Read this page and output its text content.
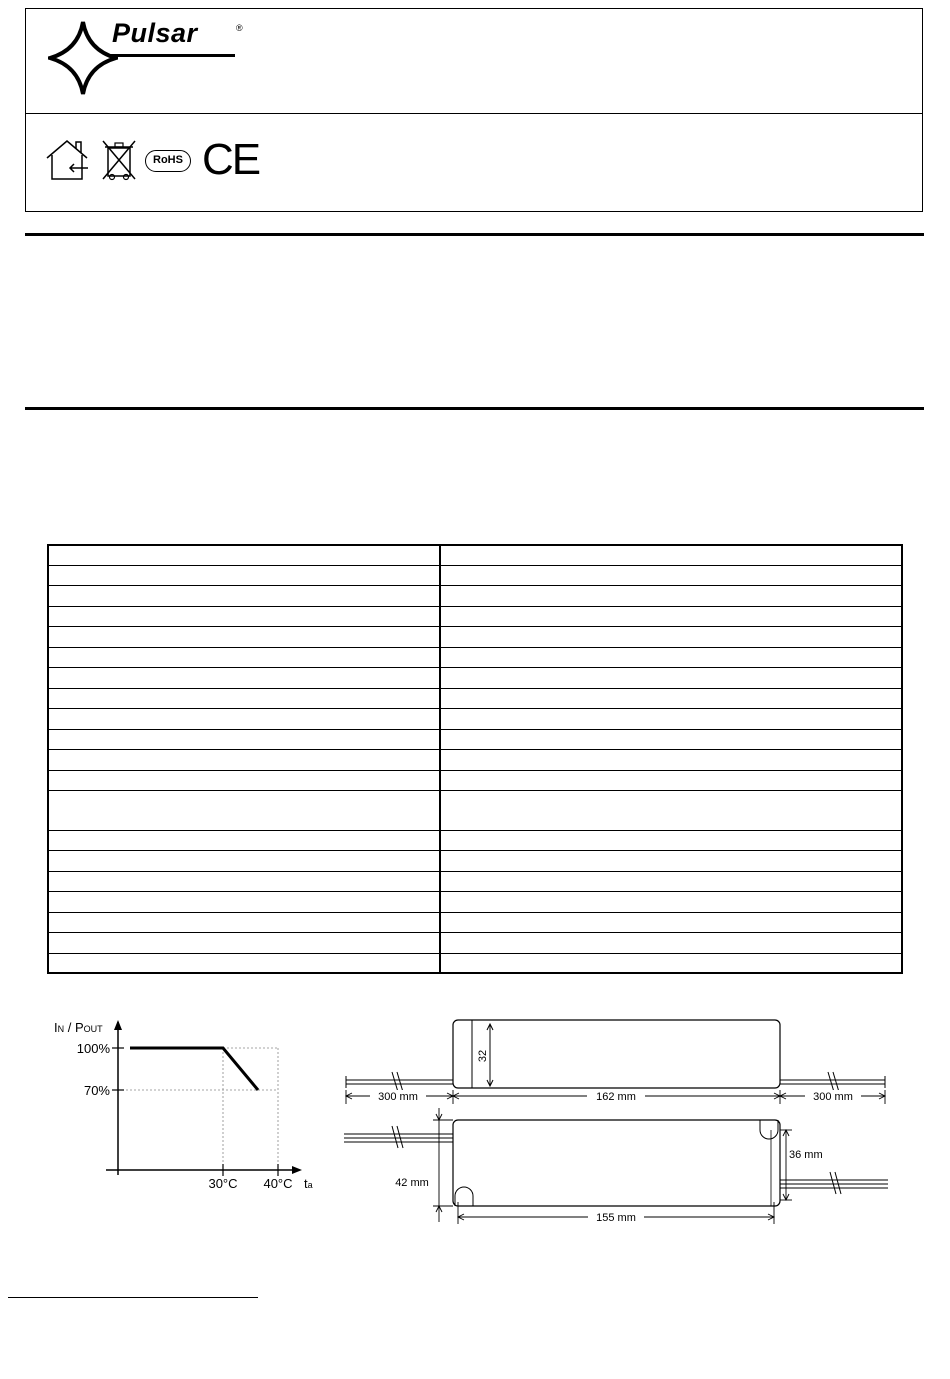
Pulsar	®
RoHS CE
IN / POUT
100%
70%
30°C 40°C ta
32
300 mm	162 mm	300 mm
42 mm
36 mm
155 mm
